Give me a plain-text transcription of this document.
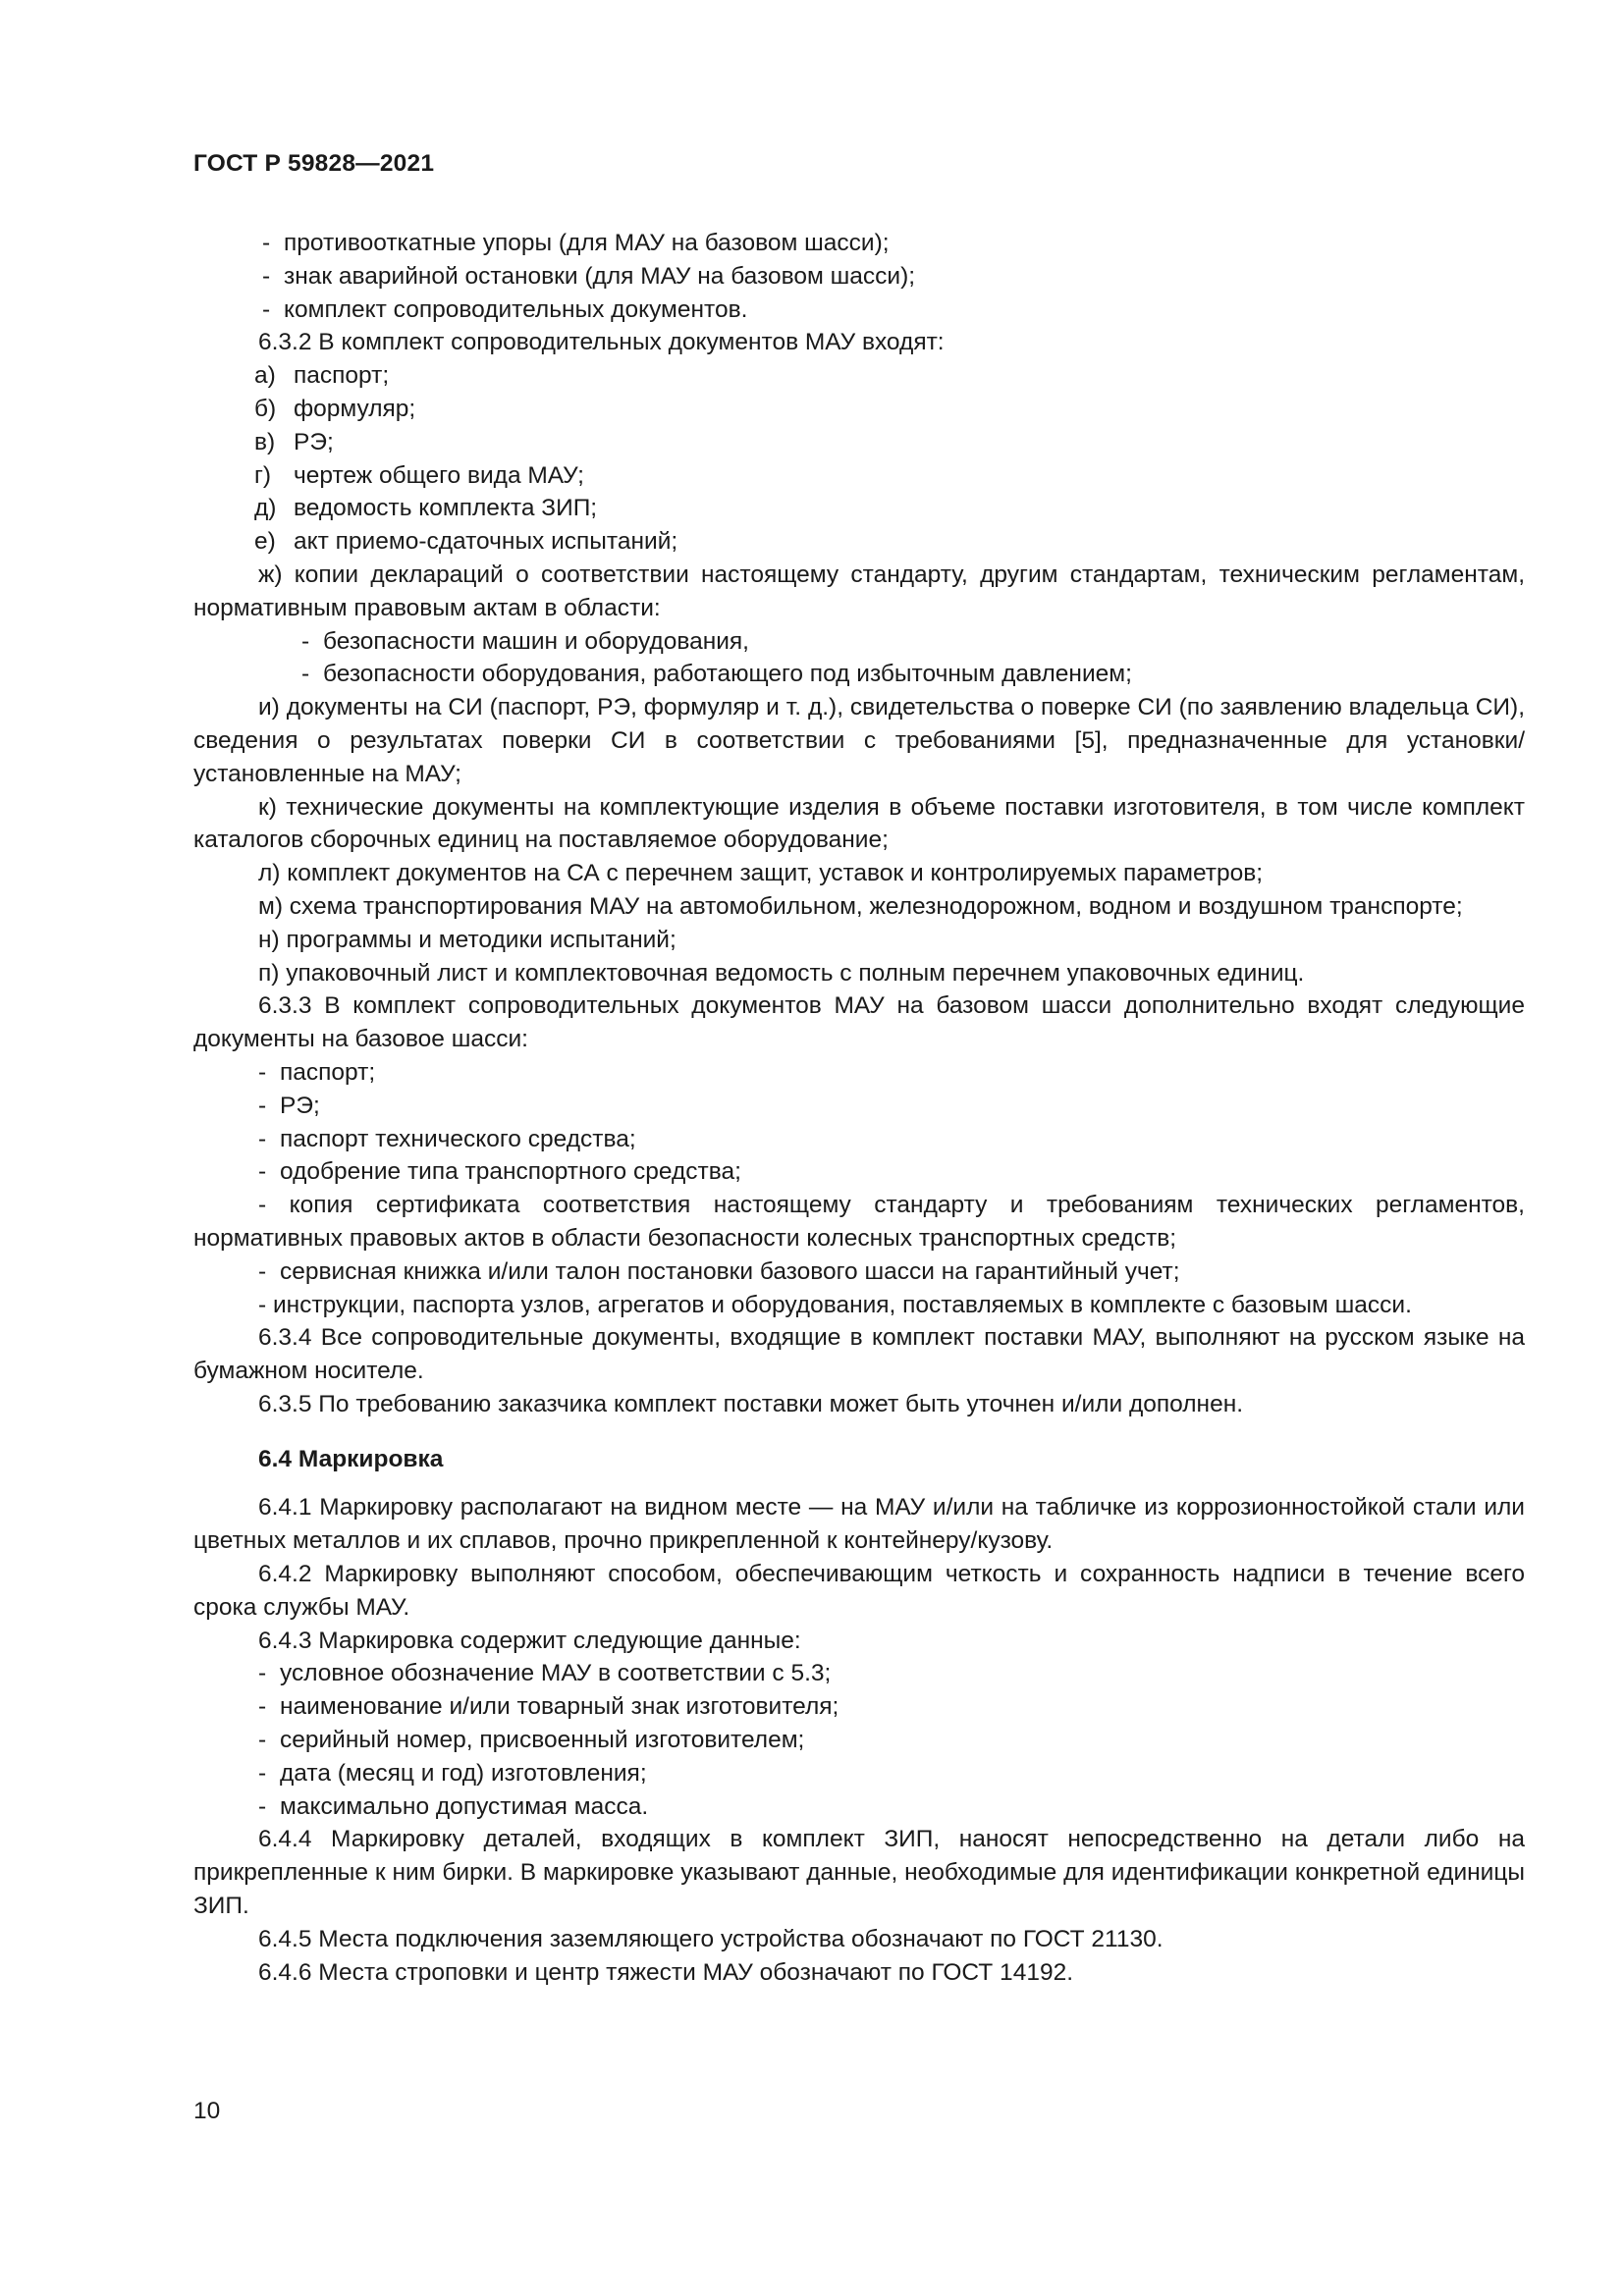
ГОСТ Р 59828—2021

- противооткатные упоры (для МАУ на базовом шасси);

- знак аварийной остановки (для МАУ на базовом шасси);

- комплект сопроводительных документов.

6.3.2 В комплект сопроводительных документов МАУ входят:

а) паспорт;

б) формуляр;

в) РЭ;

г) чертеж общего вида МАУ;

д) ведомость комплекта ЗИП;

е) акт приемо-сдаточных испытаний;

ж) копии деклараций о соответствии настоящему стандарту, другим стандартам, техническим регламентам, нормативным правовым актам в области:

- безопасности машин и оборудования,

- безопасности оборудования, работающего под избыточным давлением;

и) документы на СИ (паспорт, РЭ, формуляр и т. д.), свидетельства о поверке СИ (по заявлению владельца СИ), сведения о результатах поверки СИ в соответствии с требованиями [5], предназначенные для установки/установленные на МАУ;

к) технические документы на комплектующие изделия в объеме поставки изготовителя, в том числе комплект каталогов сборочных единиц на поставляемое оборудование;

л) комплект документов на СА с перечнем защит, уставок и контролируемых параметров;

м) схема транспортирования МАУ на автомобильном, железнодорожном, водном и воздушном транспорте;

н) программы и методики испытаний;

п) упаковочный лист и комплектовочная ведомость с полным перечнем упаковочных единиц.

6.3.3 В комплект сопроводительных документов МАУ на базовом шасси дополнительно входят следующие документы на базовое шасси:

- паспорт;

- РЭ;

- паспорт технического средства;

- одобрение типа транспортного средства;

- копия сертификата соответствия настоящему стандарту и требованиям технических регламентов, нормативных правовых актов в области безопасности колесных транспортных средств;

- сервисная книжка и/или талон постановки базового шасси на гарантийный учет;

- инструкции, паспорта узлов, агрегатов и оборудования, поставляемых в комплекте с базовым шасси.

6.3.4 Все сопроводительные документы, входящие в комплект поставки МАУ, выполняют на русском языке на бумажном носителе.

6.3.5 По требованию заказчика комплект поставки может быть уточнен и/или дополнен.

6.4 Маркировка

6.4.1 Маркировку располагают на видном месте — на МАУ и/или на табличке из коррозионностойкой стали или цветных металлов и их сплавов, прочно прикрепленной к контейнеру/кузову.

6.4.2 Маркировку выполняют способом, обеспечивающим четкость и сохранность надписи в течение всего срока службы МАУ.

6.4.3 Маркировка содержит следующие данные:

- условное обозначение МАУ в соответствии с 5.3;

- наименование и/или товарный знак изготовителя;

- серийный номер, присвоенный изготовителем;

- дата (месяц и год) изготовления;

- максимально допустимая масса.

6.4.4 Маркировку деталей, входящих в комплект ЗИП, наносят непосредственно на детали либо на прикрепленные к ним бирки. В маркировке указывают данные, необходимые для идентификации конкретной единицы ЗИП.

6.4.5 Места подключения заземляющего устройства обозначают по ГОСТ 21130.

6.4.6 Места строповки и центр тяжести МАУ обозначают по ГОСТ 14192.

10
